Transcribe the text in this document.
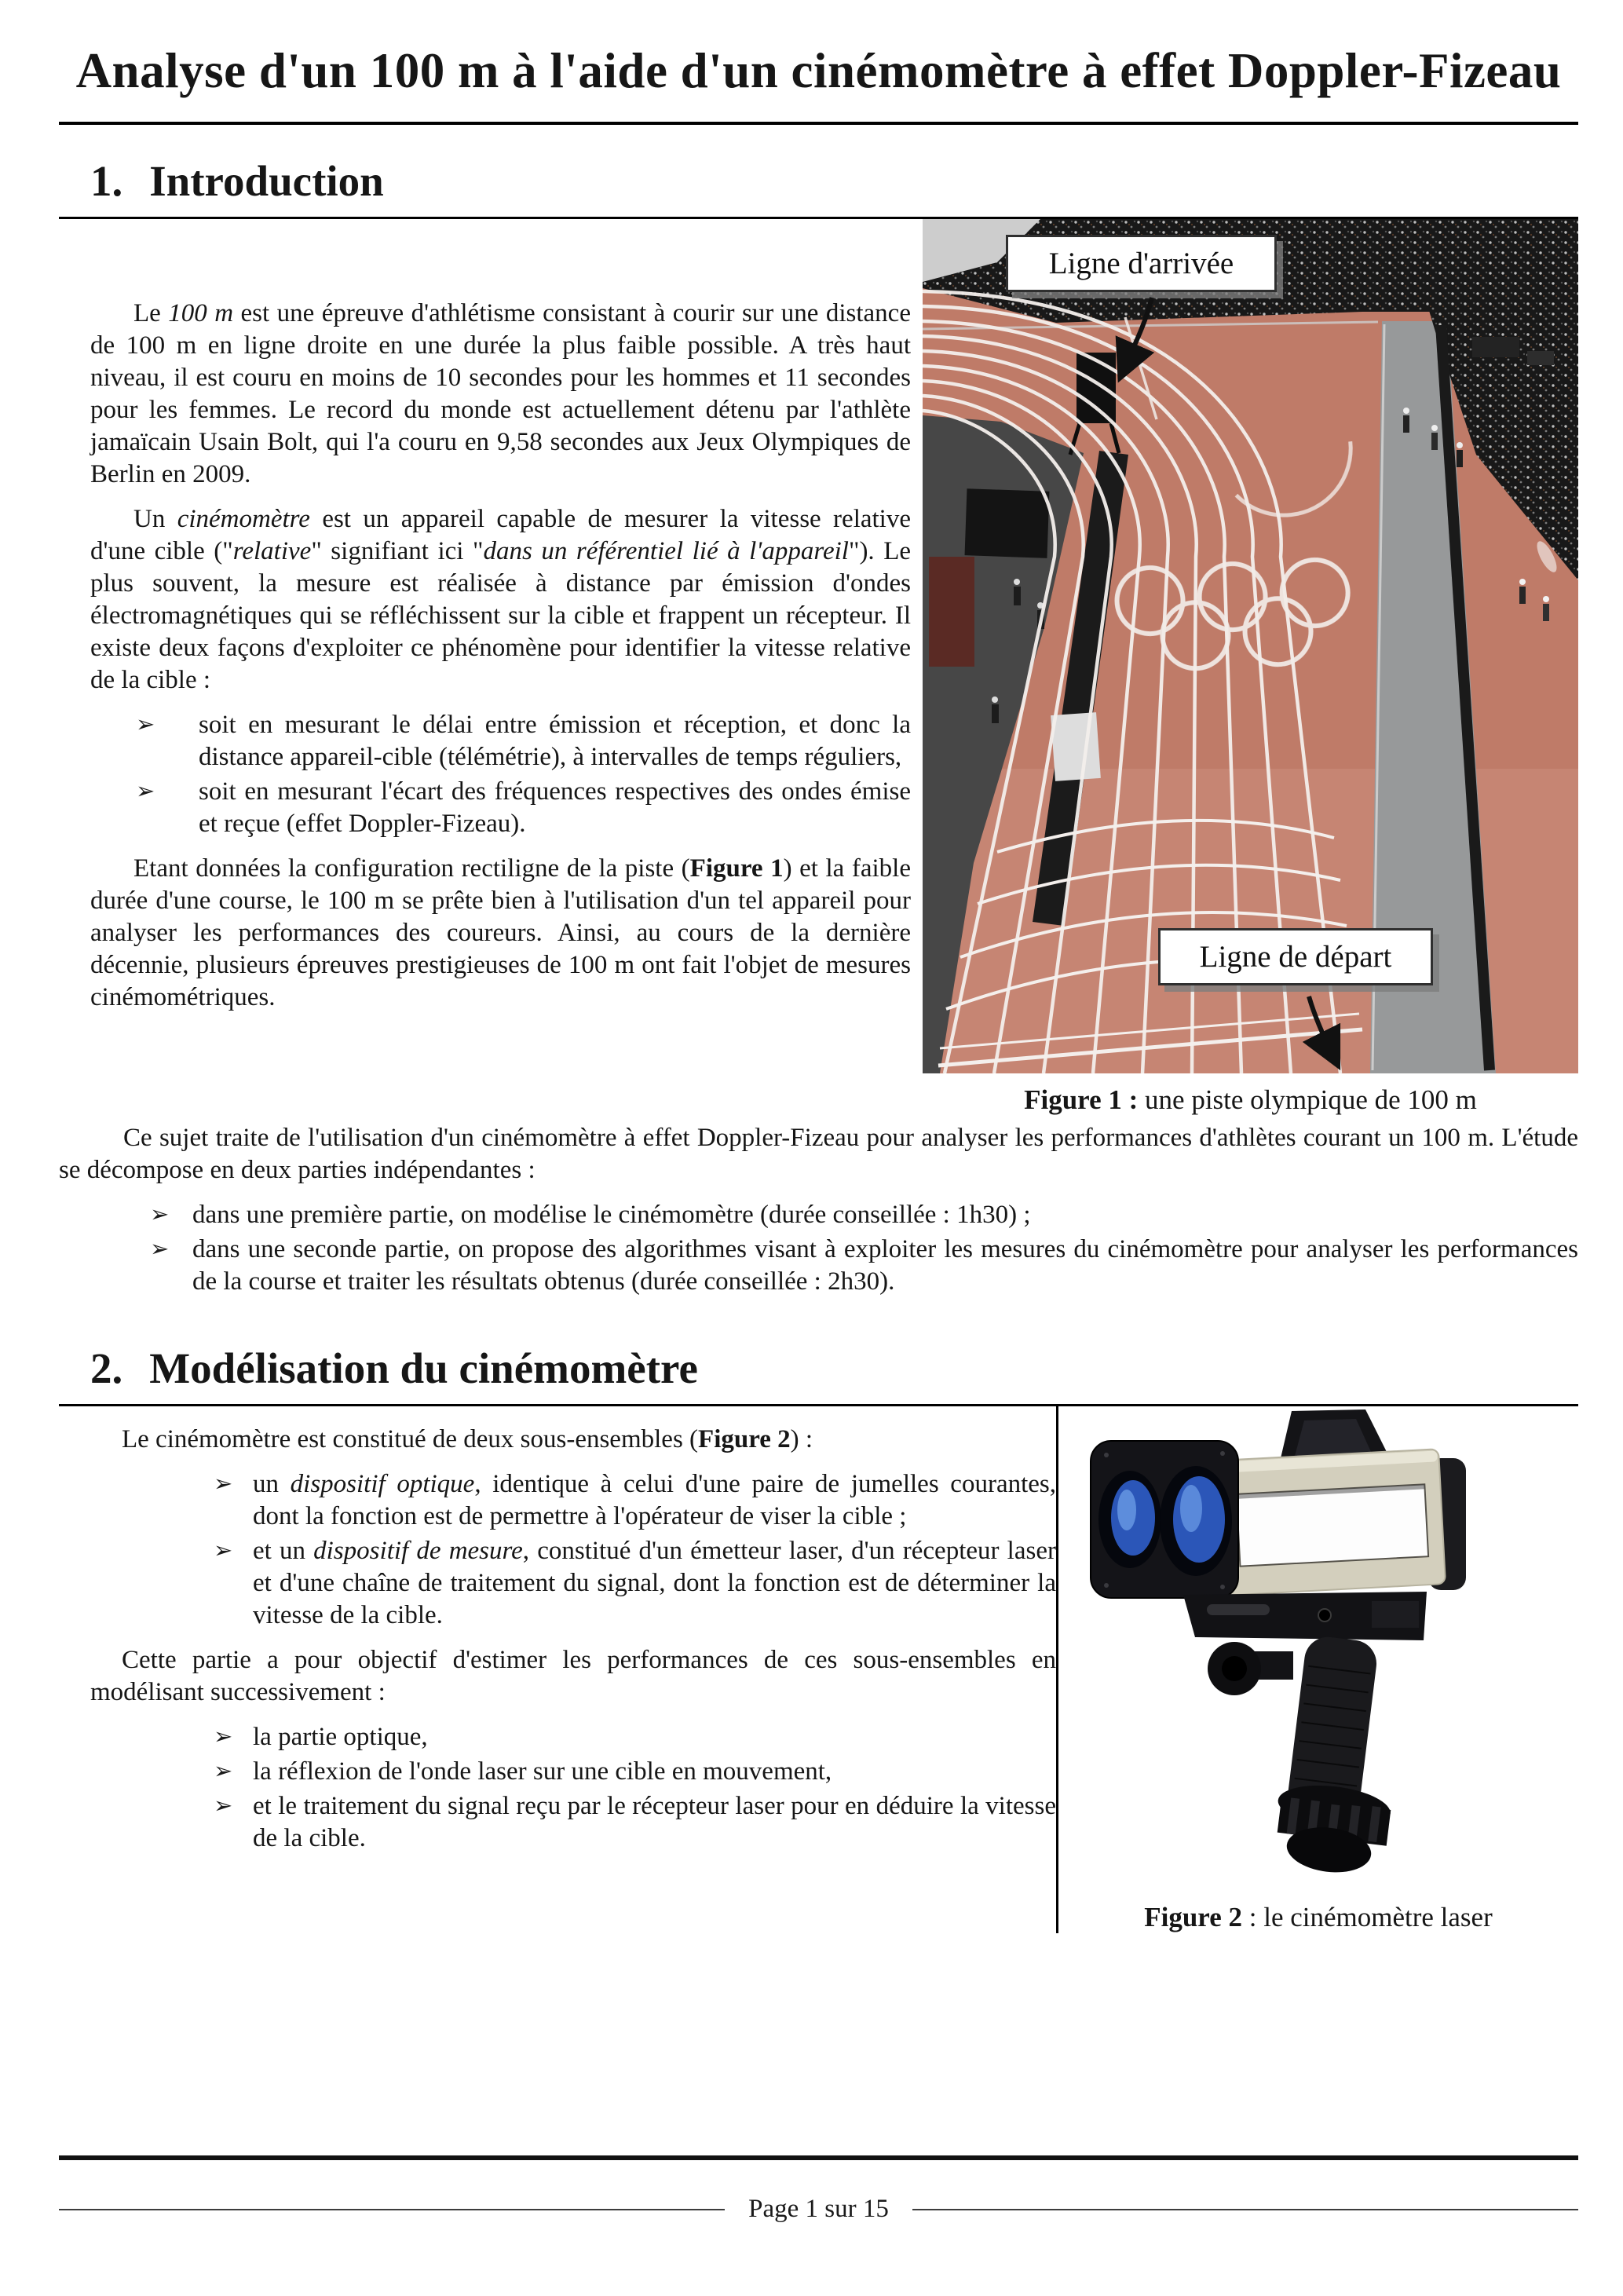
Analyse d'un 100 m à l'aide d'un cinémomètre à effet Doppler-Fizeau
1. Introduction

Le 100 m est une épreuve d'athlétisme consistant à courir sur une distance de 100 m en ligne droite en une durée la plus faible possible. A très haut niveau, il est couru en moins de 10 secondes pour les hommes et 11 secondes pour les femmes. Le record du monde est actuellement détenu par l'athlète jamaïcain Usain Bolt, qui l'a couru en 9,58 secondes aux Jeux Olympiques de Berlin en 2009.

Un cinémomètre est un appareil capable de mesurer la vitesse relative d'une cible ("relative" signifiant ici "dans un référentiel lié à l'appareil"). Le plus souvent, la mesure est réalisée à distance par émission d'ondes électromagnétiques qui se réfléchissent sur la cible et frappent un récepteur. Il existe deux façons d'exploiter ce phénomène pour identifier la vitesse relative de la cible :

➢	soit en mesurant le délai entre émission et réception, et donc la distance appareil-cible (télémétrie), à intervalles de temps réguliers,
➢	soit en mesurant l'écart des fréquences respectives des ondes émise et reçue (effet Doppler-Fizeau).

Etant données la configuration rectiligne de la piste (Figure 1) et la faible durée d'une course, le 100 m se prête bien à l'utilisation d'un tel appareil pour analyser les performances des coureurs. Ainsi, au cours de la dernière décennie, plusieurs épreuves prestigieuses de 100 m ont fait l'objet de mesures cinémométriques.

Ligne d'arrivée
Ligne de départ
Figure 1 : une piste olympique de 100 m

Ce sujet traite de l'utilisation d'un cinémomètre à effet Doppler-Fizeau pour analyser les performances d'athlètes courant un 100 m. L'étude se décompose en deux parties indépendantes :

➢ dans une première partie, on modélise le cinémomètre (durée conseillée : 1h30) ;
➢ dans une seconde partie, on propose des algorithmes visant à exploiter les mesures du cinémomètre pour analyser les performances de la course et traiter les résultats obtenus (durée conseillée : 2h30).
2. Modélisation du cinémomètre

Le cinémomètre est constitué de deux sous-ensembles (Figure 2) :

➢ un dispositif optique, identique à celui d'une paire de jumelles courantes, dont la fonction est de permettre à l'opérateur de viser la cible ;
➢ et un dispositif de mesure, constitué d'un émetteur laser, d'un récepteur laser et d'une chaîne de traitement du signal, dont la fonction est de déterminer la vitesse de la cible.

Cette partie a pour objectif d'estimer les performances de ces sous-ensembles en modélisant successivement :

➢ la partie optique,
➢ la réflexion de l'onde laser sur une cible en mouvement,
➢ et le traitement du signal reçu par le récepteur laser pour en déduire la vitesse de la cible.
Figure 2 : le cinémomètre laser
Page 1 sur 15
